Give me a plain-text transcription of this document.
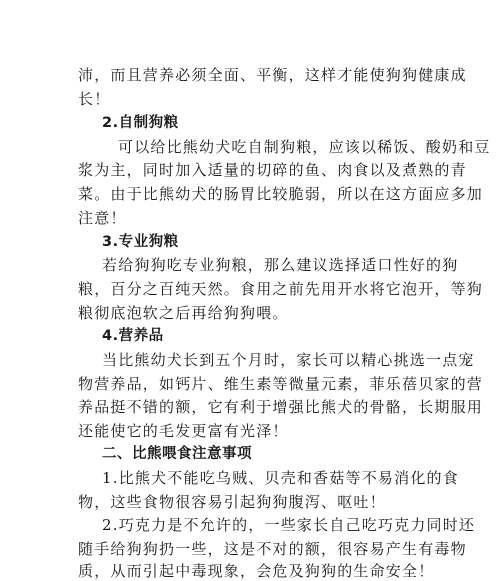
沛，而且营养必须全面、平衡，这样才能使狗狗健康成
长！
2.自制狗粮
可以给比熊幼犬吃自制狗粮，应该以稀饭、酸奶和豆
浆为主，同时加入适量的切碎的鱼、肉食以及煮熟的青
菜。由于比熊幼犬的肠胃比较脆弱，所以在这方面应多加
注意！
3.专业狗粮
若给狗狗吃专业狗粮，那么建议选择适口性好的狗
粮，百分之百纯天然。食用之前先用开水将它泡开，等狗
粮彻底泡软之后再给狗狗喂。
4.营养品
当比熊幼犬长到五个月时，家长可以精心挑选一点宠
物营养品，如钙片、维生素等微量元素，菲乐蓓贝家的营
养品挺不错的额，它有利于增强比熊犬的骨骼，长期服用
还能使它的毛发更富有光泽！
二、比熊喂食注意事项
1.比熊犬不能吃乌贼、贝壳和香菇等不易消化的食
物，这些食物很容易引起狗狗腹泻、呕吐！
2.巧克力是不允许的，一些家长自己吃巧克力同时还
随手给狗狗扔一些，这是不对的额，很容易产生有毒物
质，从而引起中毒现象，会危及狗狗的生命安全！
